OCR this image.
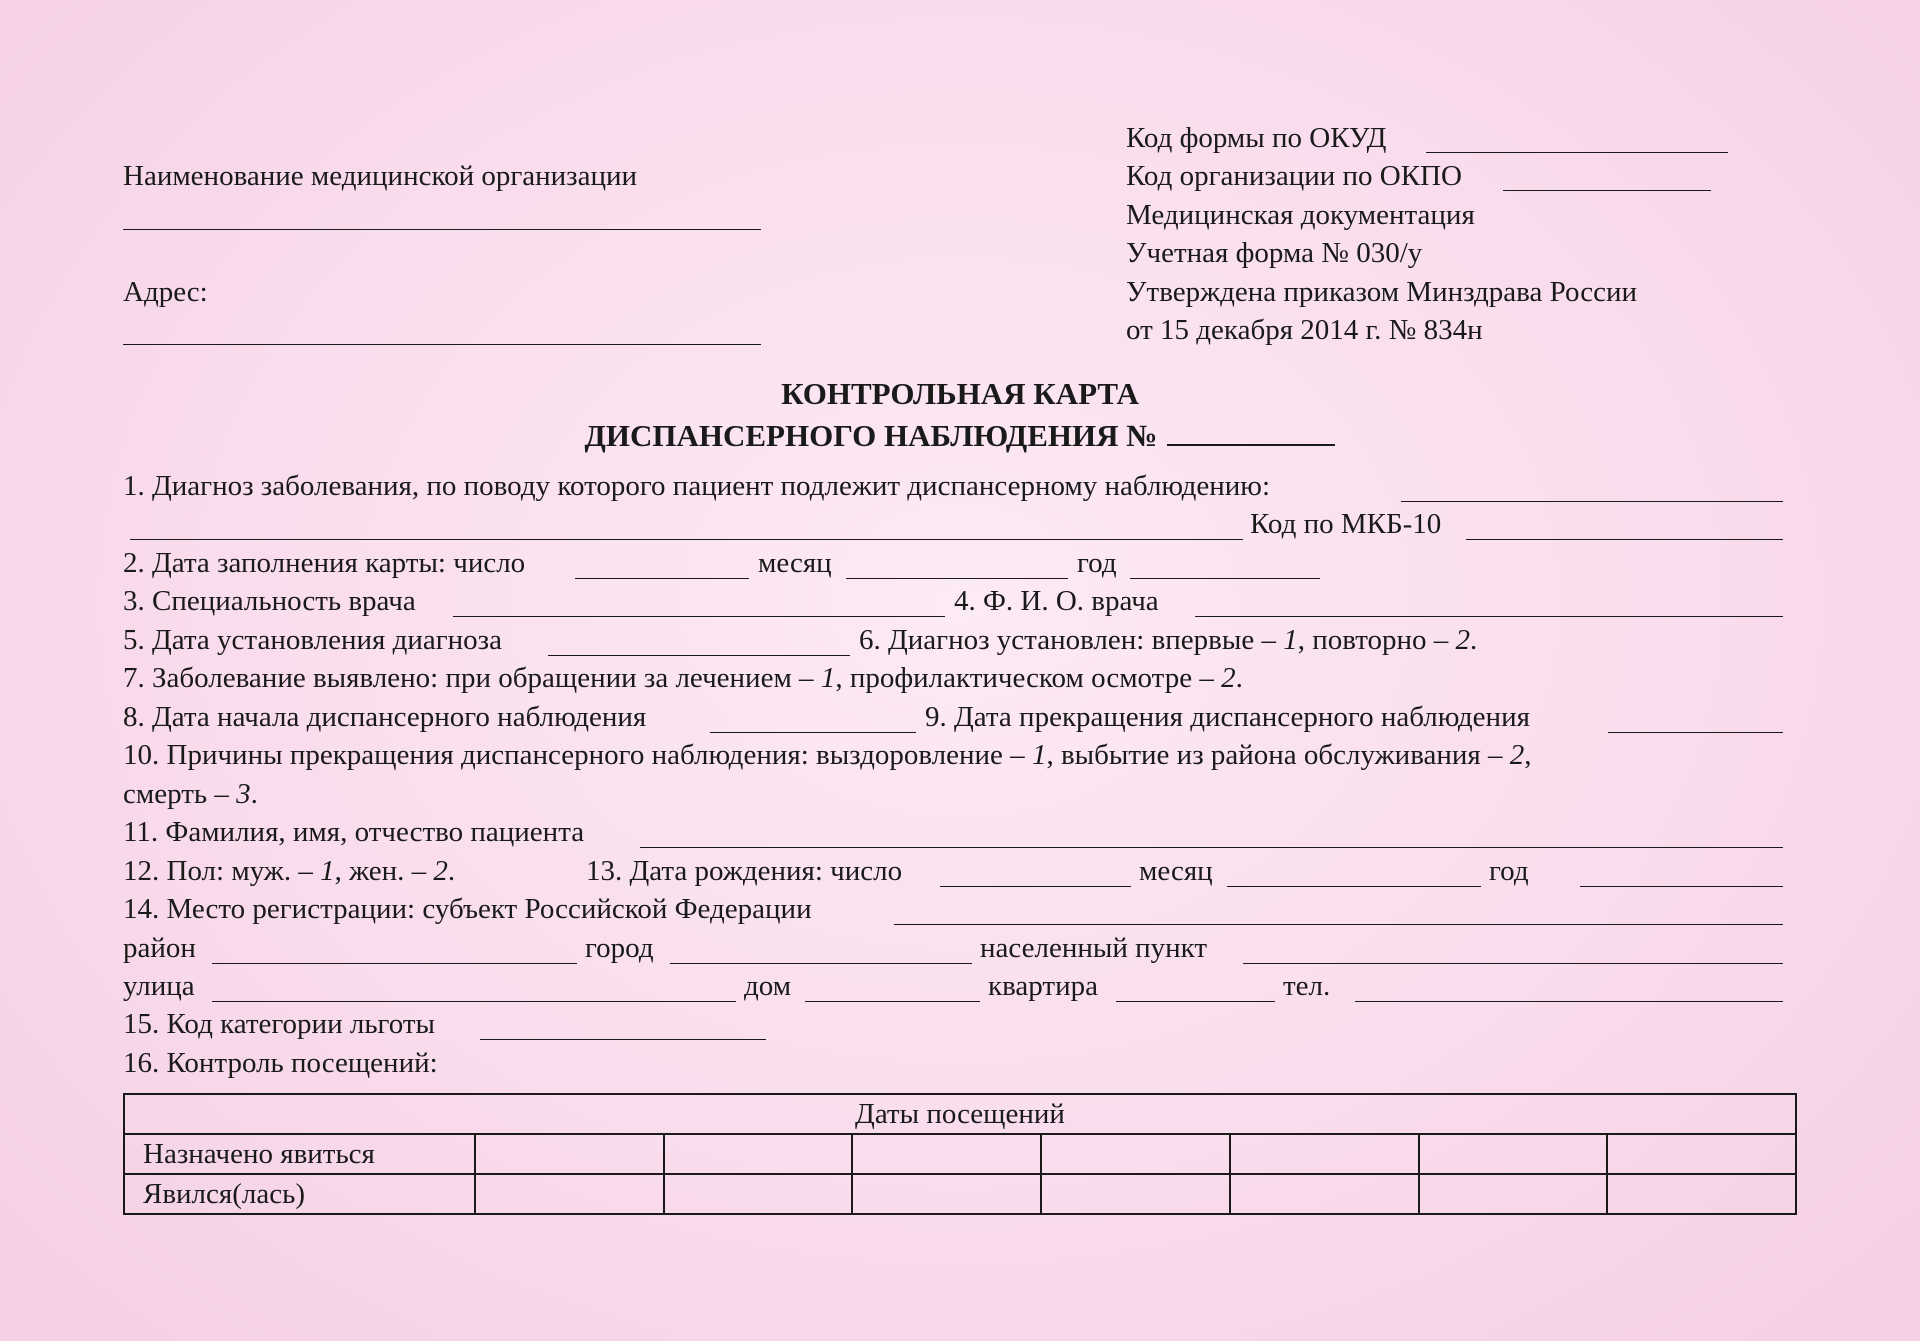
Наименование медицинской организации
Адрес:
Код формы по ОКУД
Код организации по ОКПО
Медицинская документация
Учетная форма № 030/у
Утверждена приказом Минздрава России
от 15 декабря 2014 г. № 834н
КОНТРОЛЬНАЯ КАРТА
ДИСПАНСЕРНОГО НАБЛЮДЕНИЯ №
1. Диагноз заболевания, по поводу которого пациент подлежит диспансерному наблюдению:
Код по МКБ-10
2. Дата заполнения карты: число	месяц	год
3. Специальность врача	4. Ф. И. О. врача
5. Дата установления диагноза	6. Диагноз установлен: впервые – 1, повторно – 2.
7. Заболевание выявлено: при обращении за лечением – 1, профилактическом осмотре – 2.
8. Дата начала диспансерного наблюдения	9. Дата прекращения диспансерного наблюдения
10. Причины прекращения диспансерного наблюдения: выздоровление – 1, выбытие из района обслуживания – 2,
смерть – 3.
11. Фамилия, имя, отчество пациента
12. Пол: муж. – 1, жен. – 2.	13. Дата рождения: число	месяц	год
14. Место регистрации: субъект Российской Федерации
район	город	населенный пункт
улица	дом	квартира	тел.
15. Код категории льготы
16. Контроль посещений:
Даты посещений							
Назначено явиться							
Явился(лась)							
